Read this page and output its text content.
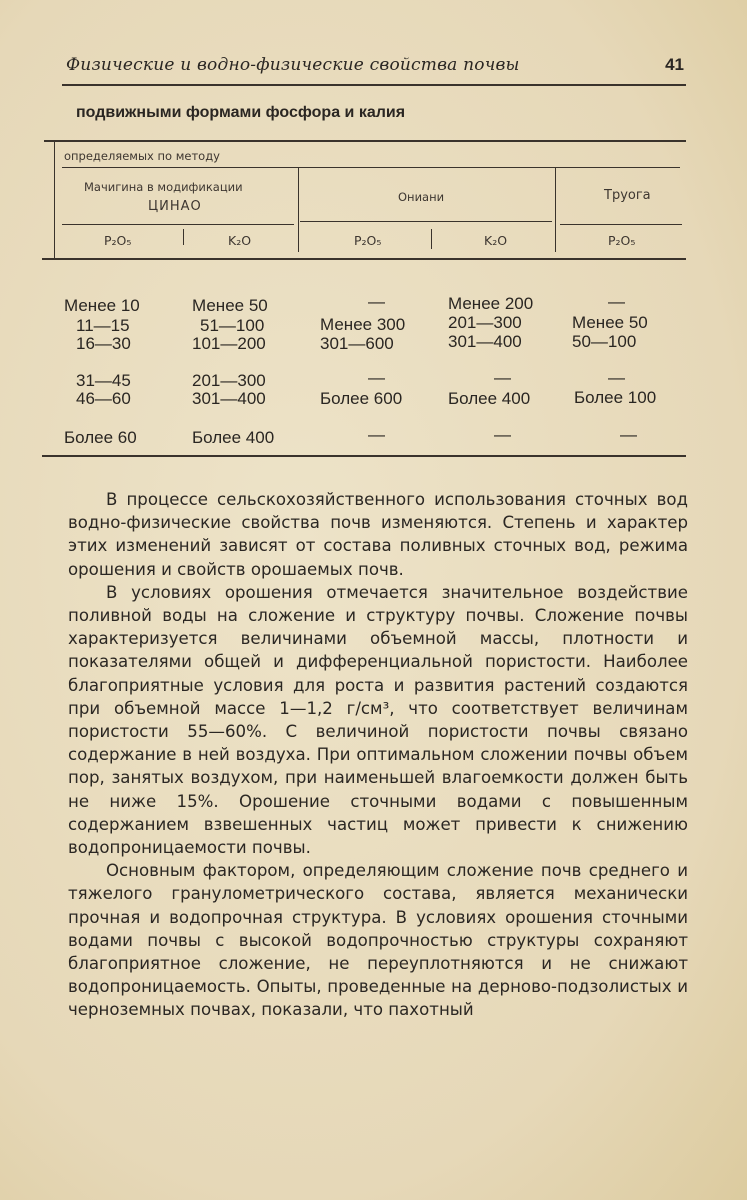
Физические и водно-физические свойства почвы	41
подвижными формами фосфора и калия
определяемых по методу
Мачигина в модификации
ЦИНАО
Ониани	Труога
P₂O₅	K₂O	P₂O₅	K₂O	P₂O₅
Менее 10	Менее 50	—	Менее 200	—
11—15	51—100	Менее 300	201—300	Менее 50
16—30	101—200	301—600	301—400	50—100
31—45	201—300	—	—	—
46—60	301—400	Более 600	Более 400	Более 100
Более 60	Более 400	—	—	—

В процессе сельскохозяйственного использования сточных вод водно-физические свойства почв изменяются. Степень и характер этих изменений зависят от состава поливных сточных вод, режима орошения и свойств орошаемых почв.

В условиях орошения отмечается значительное воздействие поливной воды на сложение и структуру почвы. Сложение почвы характеризуется величинами объемной массы, плотности и показателями общей и дифференциальной пористости. Наиболее благоприятные условия для роста и развития растений создаются при объемной массе 1—1,2 г/см³, что соответствует величинам пористости 55—60%. С величиной пористости почвы связано содержание в ней воздуха. При оптимальном сложении почвы объем пор, занятых воздухом, при наименьшей влагоемкости должен быть не ниже 15%. Орошение сточными водами с повышенным содержанием взвешенных частиц может привести к снижению водопроницаемости почвы.

Основным фактором, определяющим сложение почв среднего и тяжелого гранулометрического состава, является механически прочная и водопрочная структура. В условиях орошения сточными водами почвы с высокой водопрочностью структуры сохраняют благоприятное сложение, не переуплотняются и не снижают водопроницаемость. Опыты, проведенные на дерново-подзолистых и черноземных почвах, показали, что пахотный
